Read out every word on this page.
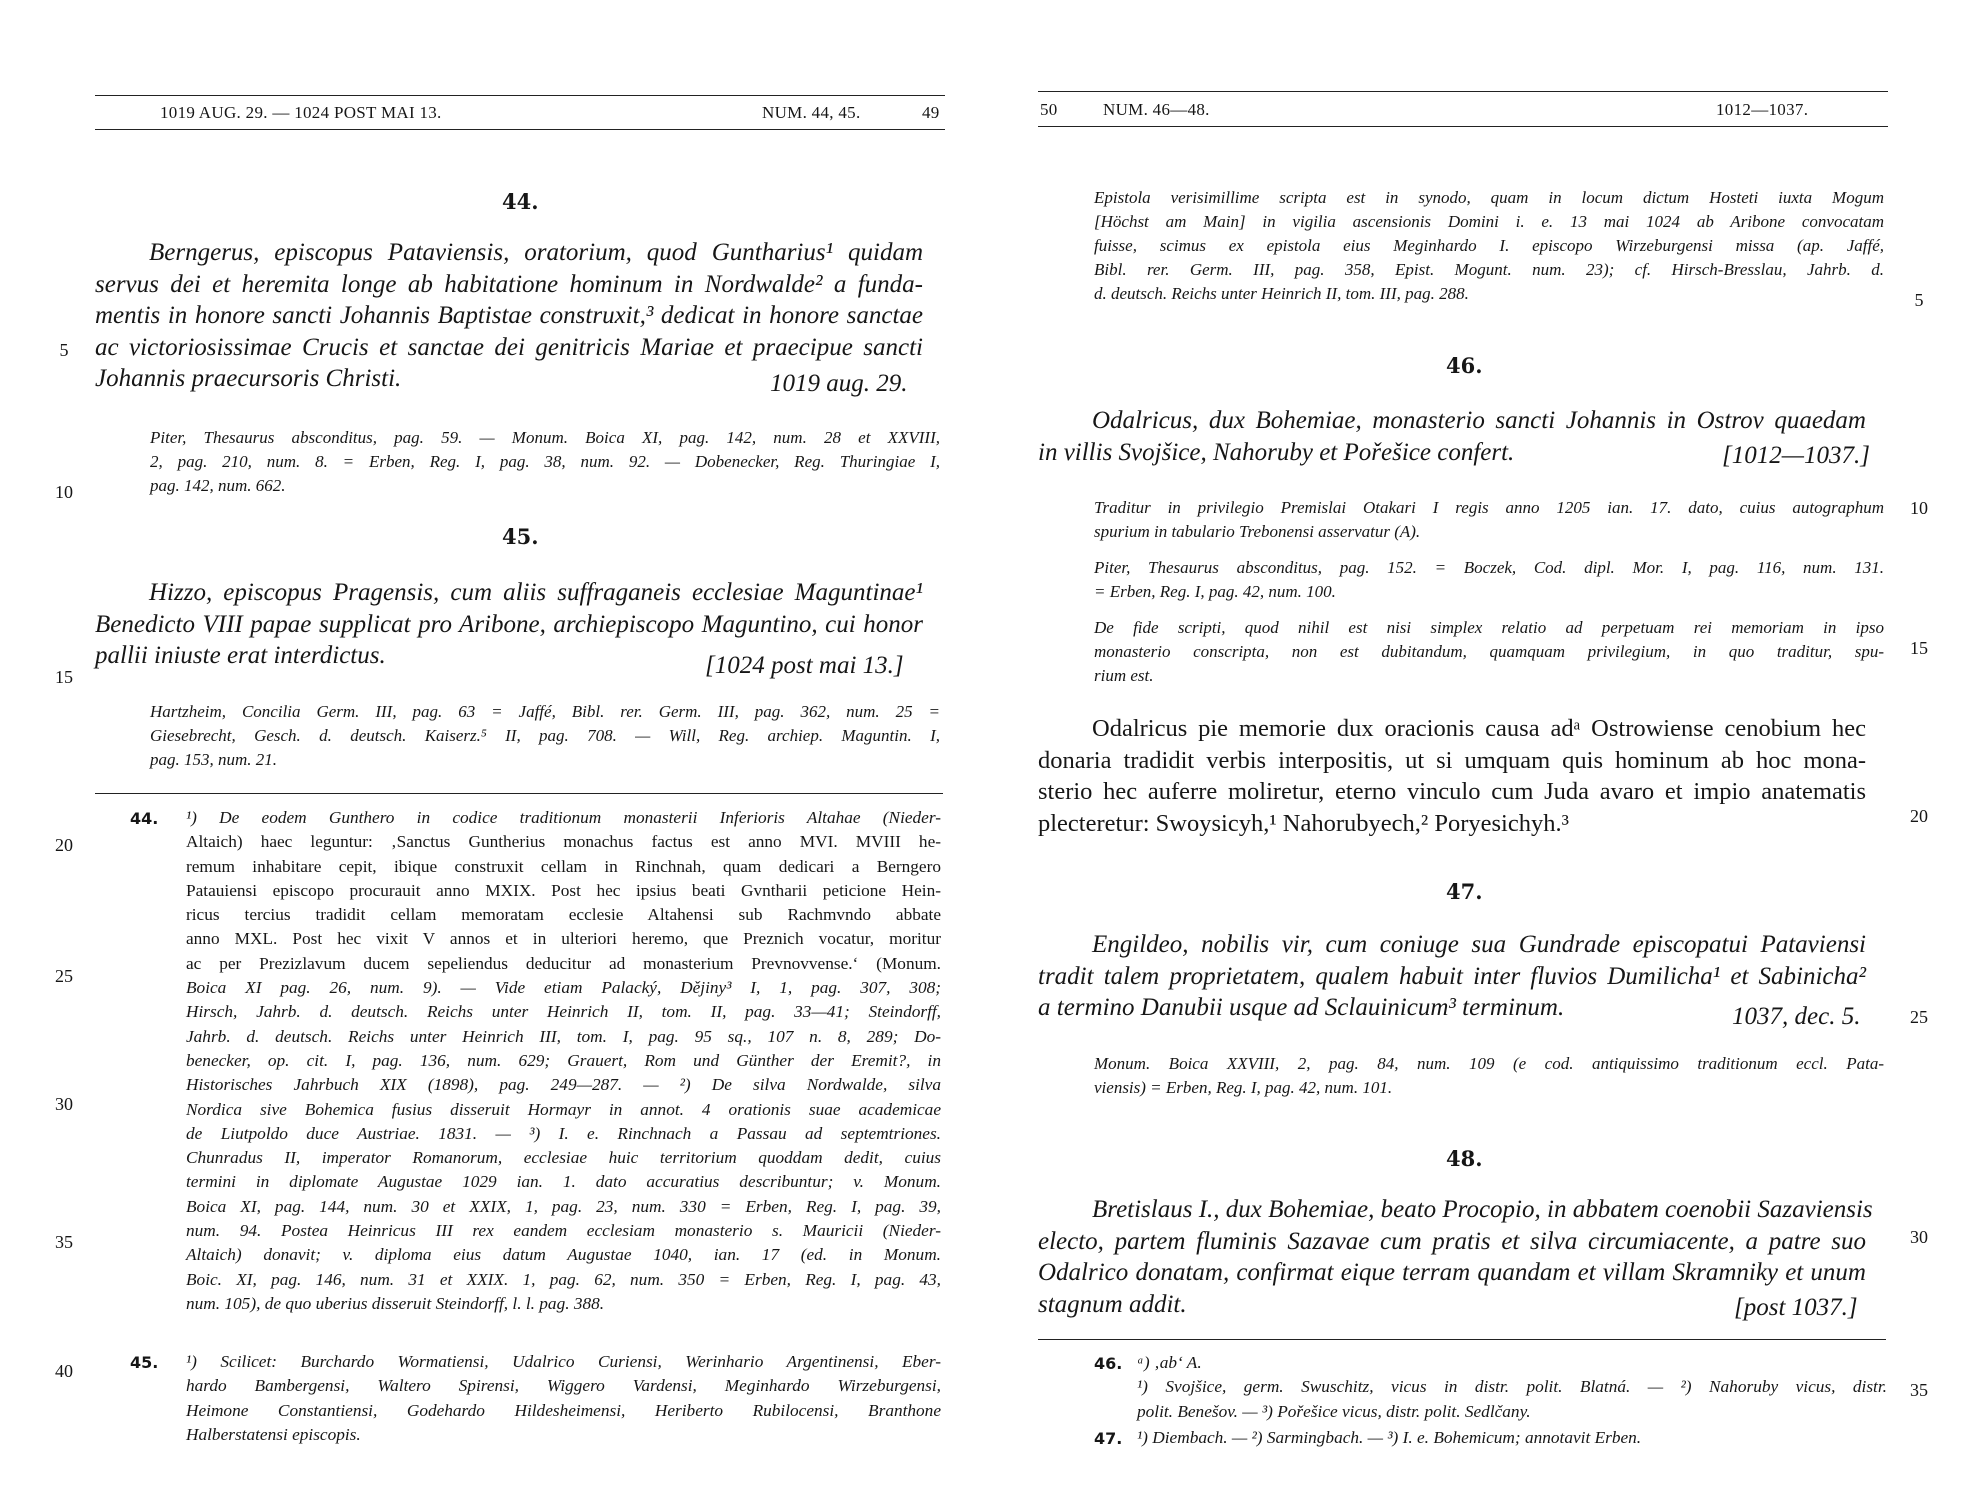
1019 AUG. 29. — 1024 POST MAI 13.	NUM. 44, 45.	49

5

10

15

20

25

30

35

40

44.

Berngerus, episcopus Pataviensis, oratorium, quod Guntharius¹ quidam
servus dei et heremita longe ab habitatione hominum in Nordwalde² a funda-
mentis in honore sancti Johannis Baptistae construxit,³ dedicat in honore sanctae
ac victoriosissimae Crucis et sanctae dei genitricis Mariae et praecipue sancti
Johannis praecursoris Christi.	1019 aug. 29.

Piter, Thesaurus absconditus, pag. 59. — Monum. Boica XI, pag. 142, num. 28 et XXVIII,
2, pag. 210, num. 8. = Erben, Reg. I, pag. 38, num. 92. — Dobenecker, Reg. Thuringiae I,
pag. 142, num. 662.

45.

Hizzo, episcopus Pragensis, cum aliis suffraganeis ecclesiae Maguntinae¹
Benedicto VIII papae supplicat pro Aribone, archiepiscopo Maguntino, cui honor
pallii iniuste erat interdictus.	[1024 post mai 13.]

Hartzheim, Concilia Germ. III, pag. 63 = Jaffé, Bibl. rer. Germ. III, pag. 362, num. 25 =
Giesebrecht, Gesch. d. deutsch. Kaiserz.⁵ II, pag. 708. — Will, Reg. archiep. Maguntin. I,
pag. 153, num. 21.

44. ¹) De eodem Gunthero in codice traditionum monasterii Inferioris Altahae (Nieder-
Altaich) haec leguntur: ‚Sanctus Guntherius monachus factus est anno MVI. MVIII he-
remum inhabitare cepit, ibique construxit cellam in Rinchnah, quam dedicari a Berngero
Patauiensi episcopo procurauit anno MXIX. Post hec ipsius beati Gvntharii peticione Hein-
ricus tercius tradidit cellam memoratam ecclesie Altahensi sub Rachmvndo abbate
anno MXL. Post hec vixit V annos et in ulteriori heremo, que Preznich vocatur, moritur
ac per Prezizlavum ducem sepeliendus deducitur ad monasterium Prevnovvense.‘ (Monum.
Boica XI pag. 26, num. 9). — Vide etiam Palacký, Dějiny³ I, 1, pag. 307, 308;
Hirsch, Jahrb. d. deutsch. Reichs unter Heinrich II, tom. II, pag. 33—41; Steindorff,
Jahrb. d. deutsch. Reichs unter Heinrich III, tom. I, pag. 95 sq., 107 n. 8, 289; Do-
benecker, op. cit. I, pag. 136, num. 629; Grauert, Rom und Günther der Eremit?, in
Historisches Jahrbuch XIX (1898), pag. 249—287. — ²) De silva Nordwalde, silva
Nordica sive Bohemica fusius disseruit Hormayr in annot. 4 orationis suae academicae
de Liutpoldo duce Austriae. 1831. — ³) I. e. Rinchnach a Passau ad septemtriones.
Chunradus II, imperator Romanorum, ecclesiae huic territorium quoddam dedit, cuius
termini in diplomate Augustae 1029 ian. 1. dato accuratius describuntur; v. Monum.
Boica XI, pag. 144, num. 30 et XXIX, 1, pag. 23, num. 330 = Erben, Reg. I, pag. 39,
num. 94. Postea Heinricus III rex eandem ecclesiam monasterio s. Mauricii (Nieder-
Altaich) donavit; v. diploma eius datum Augustae 1040, ian. 17 (ed. in Monum.
Boic. XI, pag. 146, num. 31 et XXIX. 1, pag. 62, num. 350 = Erben, Reg. I, pag. 43,
num. 105), de quo uberius disseruit Steindorff, l. l. pag. 388.

45. ¹) Scilicet: Burchardo Wormatiensi, Udalrico Curiensi, Werinhario Argentinensi, Eber-
hardo Bambergensi, Waltero Spirensi, Wiggero Vardensi, Meginhardo Wirzeburgensi,
Heimone Constantiensi, Godehardo Hildesheimensi, Heriberto Rubilocensi, Branthone
Halberstatensi episcopis.

50	NUM. 46—48.	1012—1037.

5

10

15

20

25

30

35

Epistola verisimillime scripta est in synodo, quam in locum dictum Hosteti iuxta Mogum
[Höchst am Main] in vigilia ascensionis Domini i. e. 13 mai 1024 ab Aribone convocatam
fuisse, scimus ex epistola eius Meginhardo I. episcopo Wirzeburgensi missa (ap. Jaffé,
Bibl. rer. Germ. III, pag. 358, Epist. Mogunt. num. 23); cf. Hirsch-Bresslau, Jahrb. d.
d. deutsch. Reichs unter Heinrich II, tom. III, pag. 288.

46.

Odalricus, dux Bohemiae, monasterio sancti Johannis in Ostrov quaedam
in villis Svojšice, Nahoruby et Pořešice confert.	[1012—1037.]

Traditur in privilegio Premislai Otakari I regis anno 1205 ian. 17. dato, cuius autographum
spurium in tabulario Trebonensi asservatur (A).
Piter, Thesaurus absconditus, pag. 152. = Boczek, Cod. dipl. Mor. I, pag. 116, num. 131.
= Erben, Reg. I, pag. 42, num. 100.
De fide scripti, quod nihil est nisi simplex relatio ad perpetuam rei memoriam in ipso
monasterio conscripta, non est dubitandum, quamquam privilegium, in quo traditur, spu-
rium est.
Odalricus pie memorie dux oracionis causa adᵃ Ostrowiense cenobium hec
donaria tradidit verbis interpositis, ut si umquam quis hominum ab hoc mona-
sterio hec auferre moliretur, eterno vinculo cum Juda avaro et impio anatematis
plecteretur: Swoysicyh,¹ Nahorubyech,² Poryesichyh.³

47.

Engildeo, nobilis vir, cum coniuge sua Gundrade episcopatui Pataviensi
tradit talem proprietatem, qualem habuit inter fluvios Dumilicha¹ et Sabinicha²
a termino Danubii usque ad Sclauinicum³ terminum.	1037, dec. 5.

Monum. Boica XXVIII, 2, pag. 84, num. 109 (e cod. antiquissimo traditionum eccl. Pata-
viensis) = Erben, Reg. I, pag. 42, num. 101.

48.

Bretislaus I., dux Bohemiae, beato Procopio, in abbatem coenobii Sazaviensis
electo, partem fluminis Sazavae cum pratis et silva circumiacente, a patre suo
Odalrico donatam, confirmat eique terram quandam et villam Skramniky et unum
stagnum addit.	[post 1037.]

46. ᵃ) ‚ab‘ A.
¹) Svojšice, germ. Swuschitz, vicus in distr. polit. Blatná. — ²) Nahoruby vicus, distr.
polit. Benešov. — ³) Pořešice vicus, distr. polit. Sedlčany.

47. ¹) Diembach. — ²) Sarmingbach. — ³) I. e. Bohemicum; annotavit Erben.
